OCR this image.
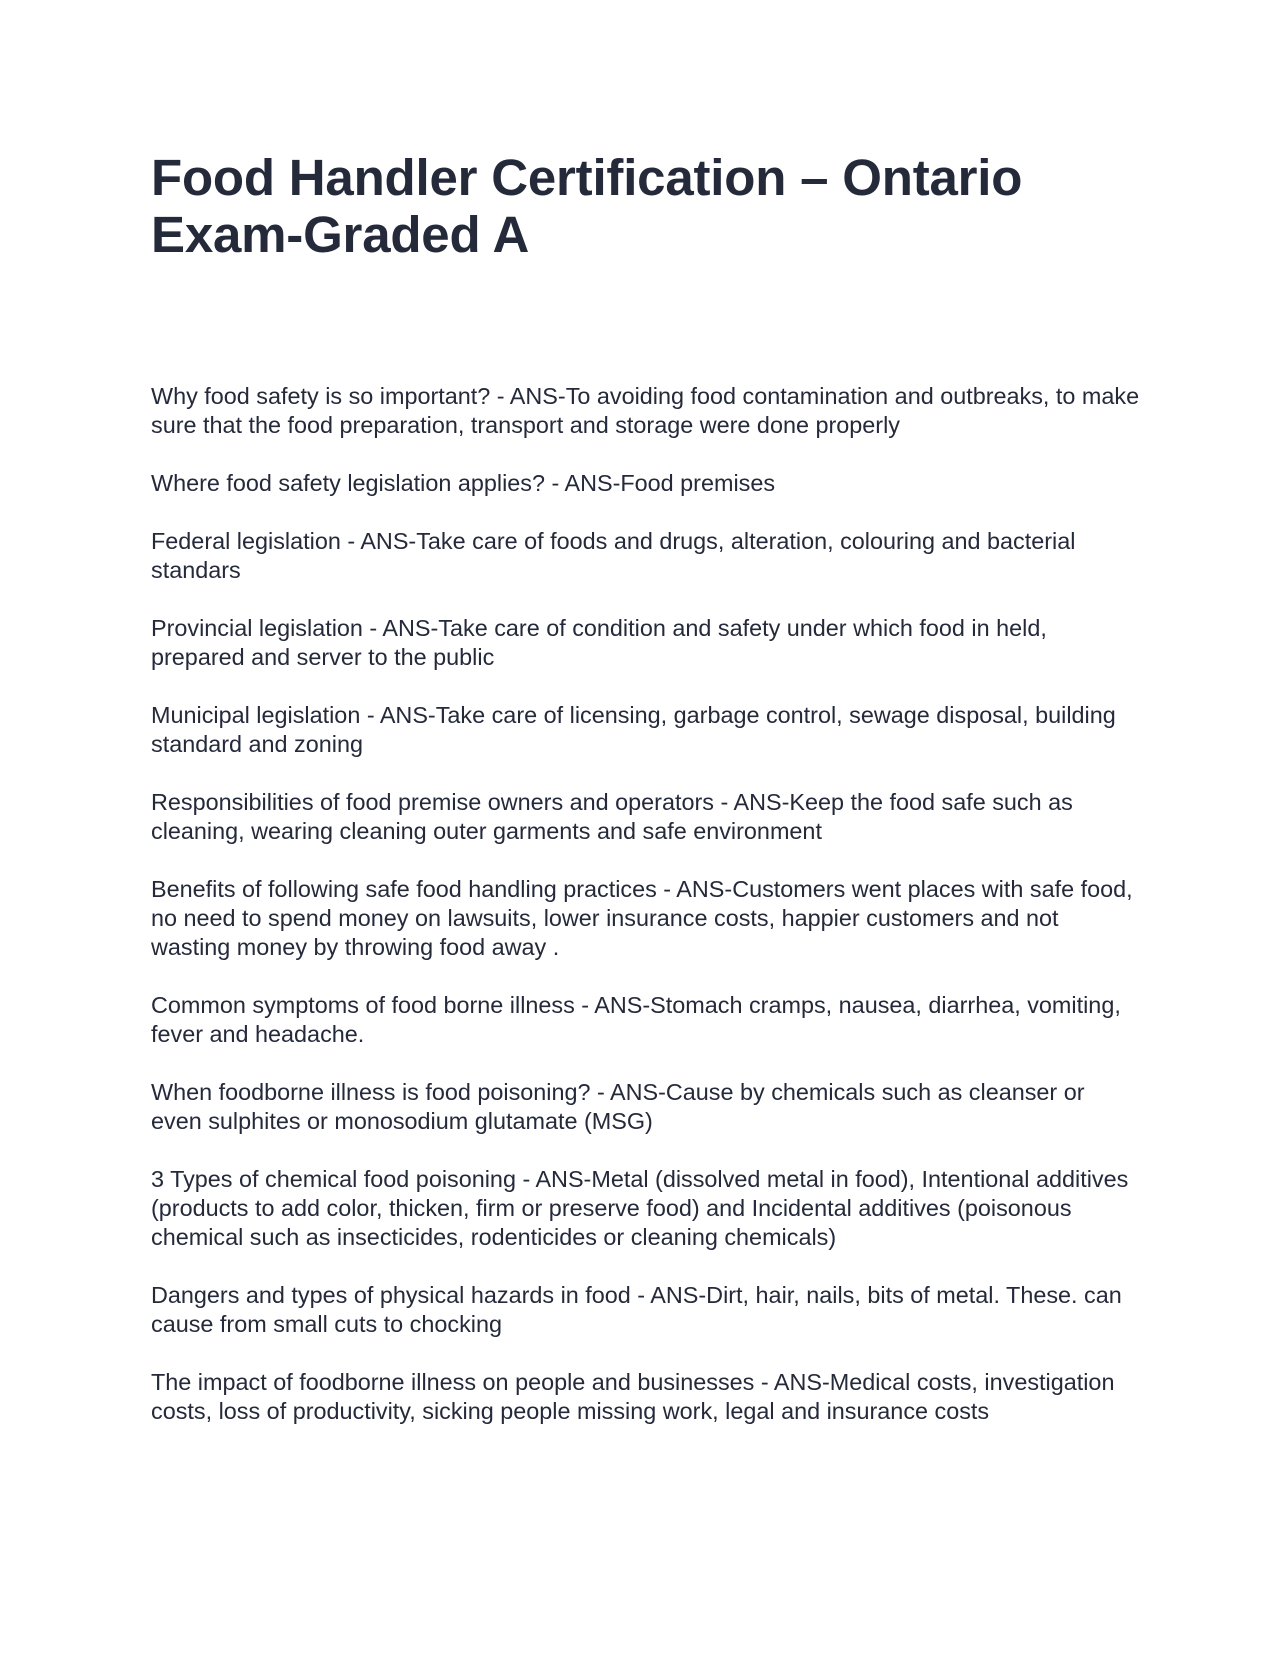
Food Handler Certification – Ontario
Exam-Graded A
Why food safety is so important? - ANS-To avoiding food contamination and outbreaks, to make sure that the food preparation, transport and storage were done properly
Where food safety legislation applies? - ANS-Food premises
Federal legislation - ANS-Take care of foods and drugs, alteration, colouring and bacterial standars
Provincial legislation - ANS-Take care of condition and safety under which food in held, prepared and server to the public
Municipal legislation - ANS-Take care of licensing, garbage control, sewage disposal, building standard and zoning
Responsibilities of food premise owners and operators - ANS-Keep the food safe such as cleaning, wearing cleaning outer garments and safe environment
Benefits of following safe food handling practices - ANS-Customers went places with safe food, no need to spend money on lawsuits, lower insurance costs, happier customers and not wasting money by throwing food away .
Common symptoms of food borne illness - ANS-Stomach cramps, nausea, diarrhea, vomiting, fever and headache.
When foodborne illness is food poisoning? - ANS-Cause by chemicals such as cleanser or even sulphites or monosodium glutamate (MSG)
3 Types of chemical food poisoning - ANS-Metal (dissolved metal in food), Intentional additives (products to add color, thicken, firm or preserve food) and Incidental additives (poisonous chemical such as insecticides, rodenticides or cleaning chemicals)
Dangers and types of physical hazards in food - ANS-Dirt, hair, nails, bits of metal. These. can cause from small cuts to chocking
The impact of foodborne illness on people and businesses - ANS-Medical costs, investigation costs, loss of productivity, sicking people missing work, legal and insurance costs
